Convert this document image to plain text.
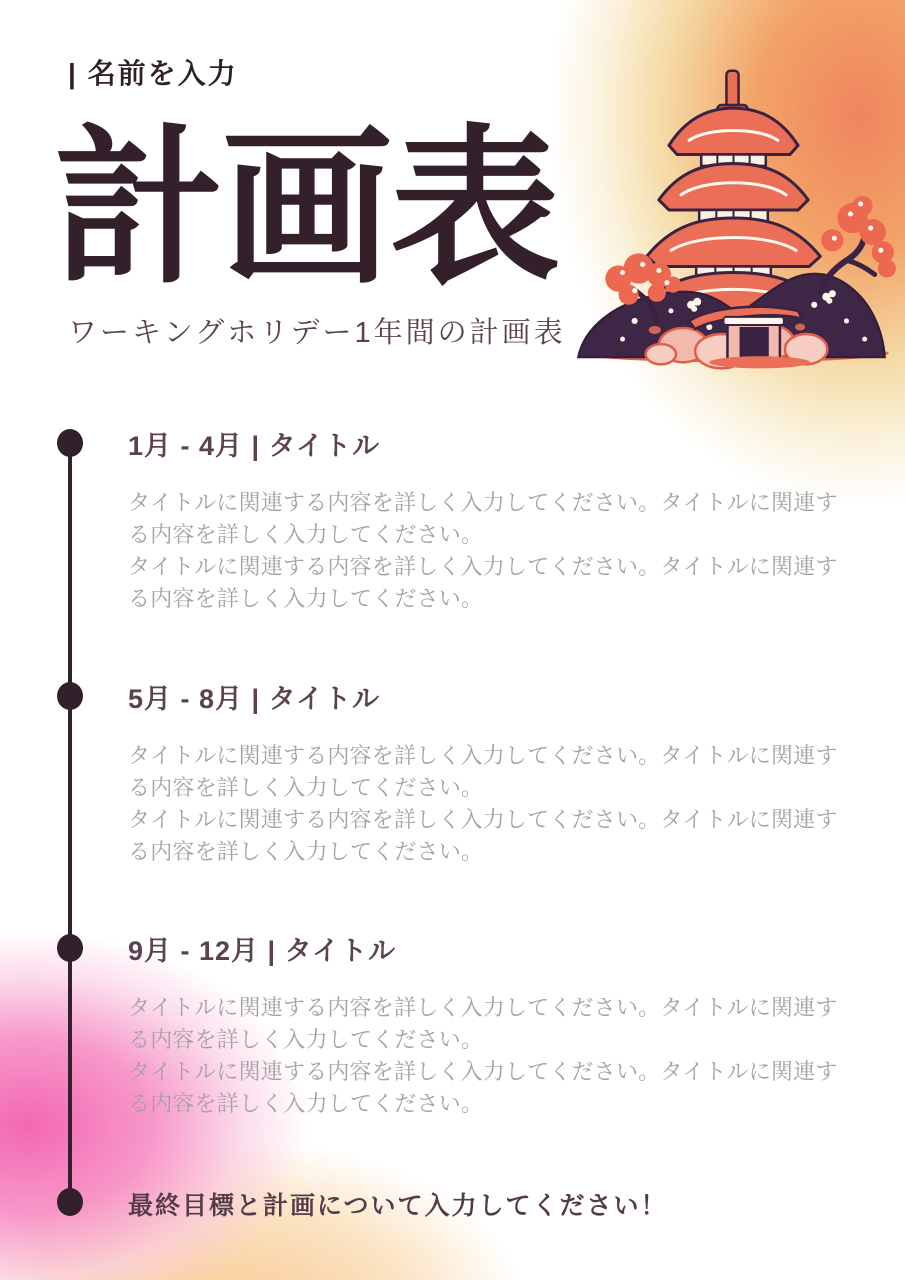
| 名前を入力
計画表
ワーキングホリデー1年間の計画表
1月 - 4月 | タイトル

タイトルに関連する内容を詳しく入力してください。タイトルに関連する内容を詳しく入力してください。

タイトルに関連する内容を詳しく入力してください。タイトルに関連する内容を詳しく入力してください。

5月 - 8月 | タイトル

タイトルに関連する内容を詳しく入力してください。タイトルに関連する内容を詳しく入力してください。

タイトルに関連する内容を詳しく入力してください。タイトルに関連する内容を詳しく入力してください。

9月 - 12月 | タイトル

タイトルに関連する内容を詳しく入力してください。タイトルに関連する内容を詳しく入力してください。

タイトルに関連する内容を詳しく入力してください。タイトルに関連する内容を詳しく入力してください。

最終目標と計画について入力してください！
